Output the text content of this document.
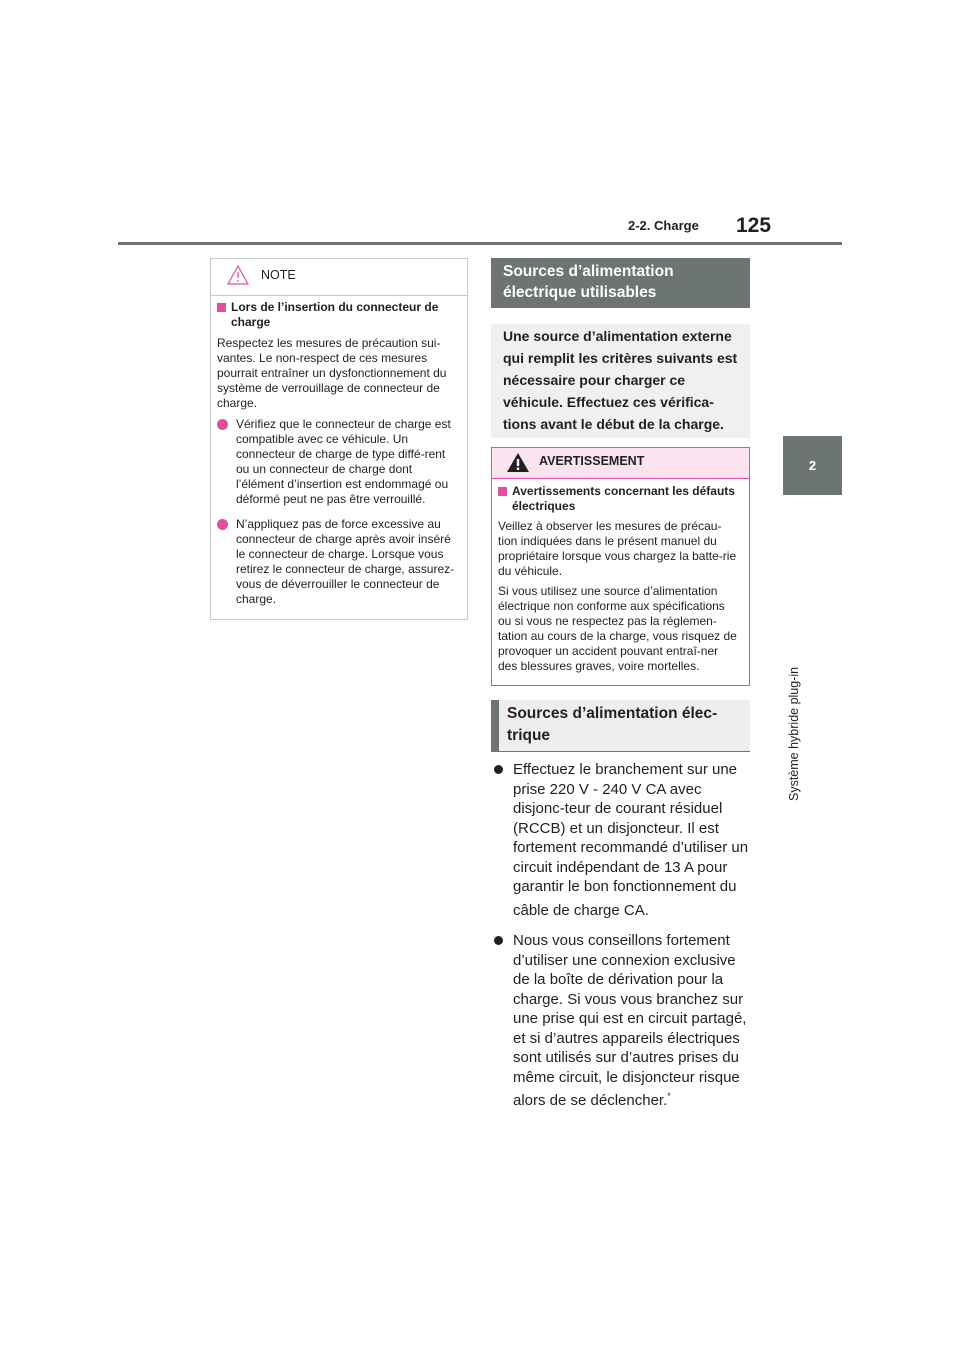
2-2. Charge 125
2
Système hybride plug-in
NOTE
Lors de l’insertion du connecteur de charge
Respectez les mesures de précaution sui-vantes. Le non-respect de ces mesures pourrait entraîner un dysfonctionnement du système de verrouillage de connecteur de charge.
Vérifiez que le connecteur de charge est compatible avec ce véhicule. Un connecteur de charge de type diffé-rent ou un connecteur de charge dont l’élément d’insertion est endommagé ou déformé peut ne pas être verrouillé.
N’appliquez pas de force excessive au connecteur de charge après avoir inséré le connecteur de charge. Lorsque vous retirez le connecteur de charge, assurez-vous de déverrouiller le connecteur de charge.
Sources d’alimentation électrique utilisables
Une source d’alimentation externe qui remplit les critères suivants est nécessaire pour charger ce véhicule. Effectuez ces vérifica-tions avant le début de la charge.
AVERTISSEMENT
Avertissements concernant les défauts électriques
Veillez à observer les mesures de précau-tion indiquées dans le présent manuel du propriétaire lorsque vous chargez la batte-rie du véhicule.
Si vous utilisez une source d’alimentation électrique non conforme aux spécifications ou si vous ne respectez pas la réglemen-tation au cours de la charge, vous risquez de provoquer un accident pouvant entraî-ner des blessures graves, voire mortelles.
Sources d’alimentation élec-trique
Effectuez le branchement sur une prise 220 V - 240 V CA avec disjonc-teur de courant résiduel (RCCB) et un disjoncteur. Il est fortement recommandé d’utiliser un circuit indépendant de 13 A pour garantir le bon fonctionnement du câble de charge CA.
Nous vous conseillons fortement d’utiliser une connexion exclusive de la boîte de dérivation pour la charge. Si vous vous branchez sur une prise qui est en circuit partagé, et si d’autres appareils électriques sont utilisés sur d’autres prises du même circuit, le disjoncteur risque alors de se déclencher.*
